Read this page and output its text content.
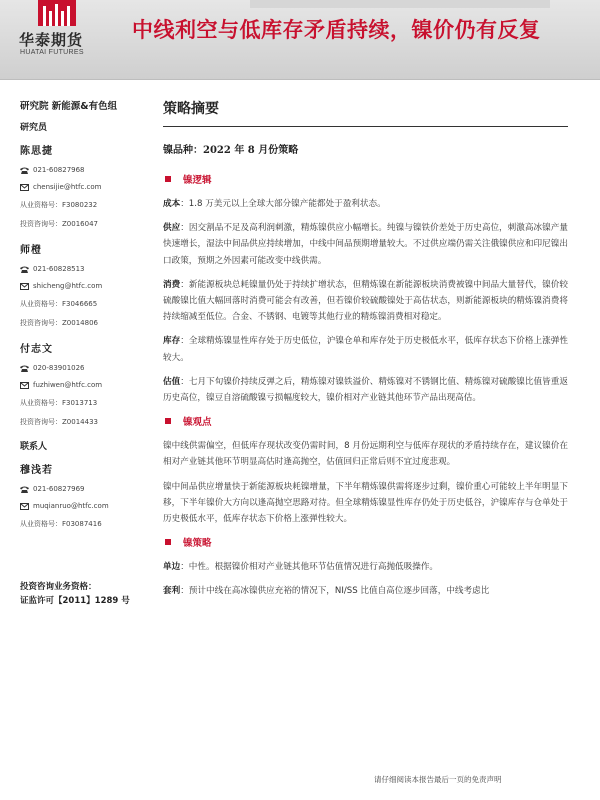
华泰期货
HUATAI FUTURES
中线利空与低库存矛盾持续，镍价仍有反复
研究院 新能源&有色组
研究员
陈思捷
021-60827968
chensijie@htfc.com
从业资格号：F3080232
投资咨询号：Z0016047
师橙
021-60828513
shicheng@htfc.com
从业资格号：F3046665
投资咨询号：Z0014806
付志文
020-83901026
fuzhiwen@htfc.com
从业资格号：F3013713
投资咨询号：Z0014433
联系人
穆浅若
021-60827969
muqianruo@htfc.com
从业资格号：F03087416
投资咨询业务资格：
证监许可【2011】1289 号
策略摘要
镍品种：2022 年 8 月份策略
镍逻辑

成本：1.8 万美元以上全球大部分镍产能都处于盈利状态。

供应：因交割品不足及高利润刺激，精炼镍供应小幅增长。纯镍与镍铁价差处于历史高位，刺激高冰镍产量快速增长，湿法中间品供应持续增加，中线中间品预期增量较大。不过供应端仍需关注俄镍供应和印尼镍出口政策，预期之外因素可能改变中线供需。

消费：新能源板块总耗镍量仍处于持续扩增状态，但精炼镍在新能源板块消费被镍中间品大量替代，镍价较硫酸镍比值大幅回落时消费可能会有改善，但若镍价较硫酸镍处于高估状态，则新能源板块的精炼镍消费将持续缩减至低位。合金、不锈钢、电镀等其他行业的精炼镍消费相对稳定。

库存：全球精炼镍显性库存处于历史低位，沪镍仓单和库存处于历史极低水平，低库存状态下价格上涨弹性较大。

估值：七月下旬镍价持续反弹之后，精炼镍对镍铁溢价、精炼镍对不锈钢比值、精炼镍对硫酸镍比值皆重返历史高位，镍豆自溶硫酸镍亏损幅度较大，镍价相对产业链其他环节产品出现高估。

镍观点

镍中线供需偏空，但低库存现状改变仍需时间，8 月份远期利空与低库存现状的矛盾持续存在，建议镍价在相对产业链其他环节明显高估时逢高抛空，估值回归正常后则不宜过度悲观。

镍中间品供应增量快于新能源板块耗镍增量，下半年精炼镍供需将逐步过剩，镍价重心可能较上半年明显下移，下半年镍价大方向以逢高抛空思路对待。但全球精炼镍显性库存仍处于历史低谷，沪镍库存与仓单处于历史极低水平，低库存状态下价格上涨弹性较大。

镍策略

单边：中性。根据镍价相对产业链其他环节估值情况进行高抛低吸操作。

套利：预计中线在高冰镍供应充裕的情况下，NI/SS 比值自高位逐步回落，中线考虑比

请仔细阅读本报告最后一页的免责声明
